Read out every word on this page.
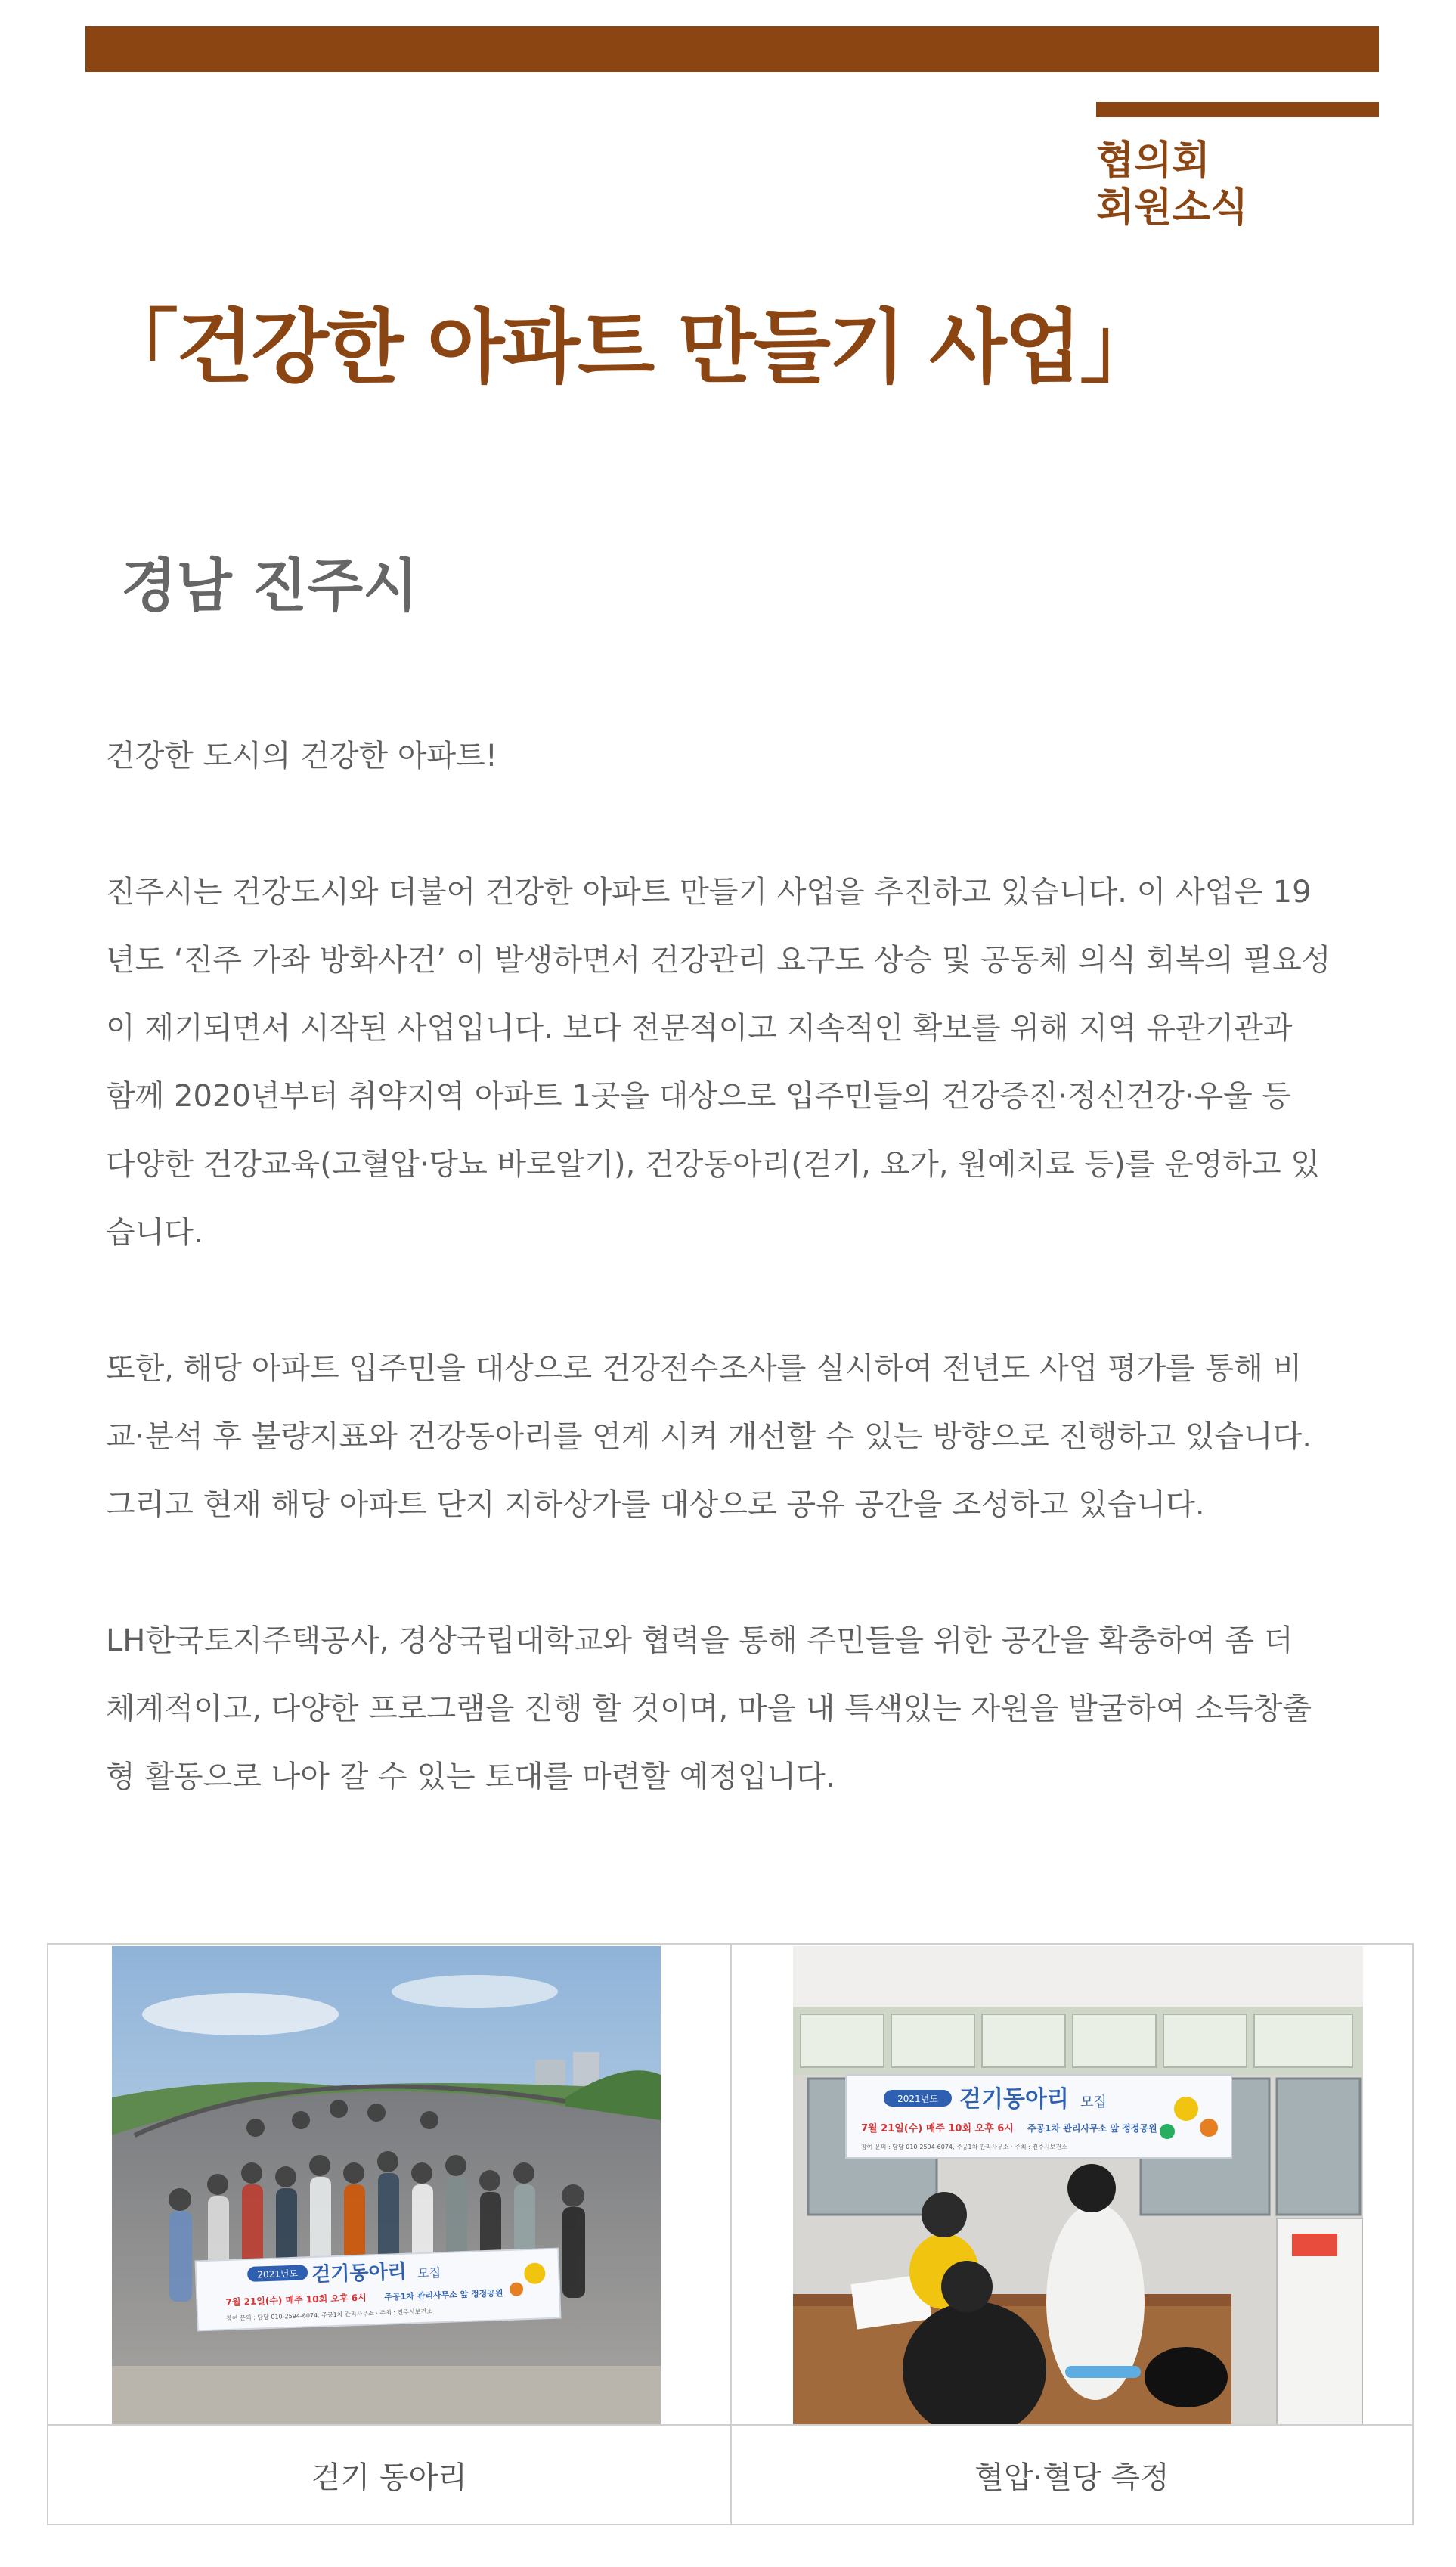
협의회
회원소식
「건강한 아파트 만들기 사업」
경남 진주시

건강한 도시의 건강한 아파트!

진주시는 건강도시와 더불어 건강한 아파트 만들기 사업을 추진하고 있습니다. 이 사업은 19

년도 ‘진주 가좌 방화사건’ 이 발생하면서 건강관리 요구도 상승 및 공동체 의식 회복의 필요성

이 제기되면서 시작된 사업입니다. 보다 전문적이고 지속적인 확보를 위해 지역 유관기관과

함께 2020년부터 취약지역 아파트 1곳을 대상으로 입주민들의 건강증진·정신건강·우울 등

다양한 건강교육(고혈압·당뇨 바로알기), 건강동아리(걷기, 요가, 원예치료 등)를 운영하고 있

습니다.

또한, 해당 아파트 입주민을 대상으로 건강전수조사를 실시하여 전년도 사업 평가를 통해 비

교·분석 후 불량지표와 건강동아리를 연계 시켜 개선할 수 있는 방향으로 진행하고 있습니다.

그리고 현재 해당 아파트 단지 지하상가를 대상으로 공유 공간을 조성하고 있습니다.

LH한국토지주택공사, 경상국립대학교와 협력을 통해 주민들을 위한 공간을 확충하여 좀 더

체계적이고, 다양한 프로그램을 진행 할 것이며, 마을 내 특색있는 자원을 발굴하여 소득창출

형 활동으로 나아 갈 수 있는 토대를 마련할 예정입니다.

2021년도 걷기동아리 모집
7월 21일(수) 매주 10회 오후 6시 주공1차 관리사무소 앞 정정공원
참여 문의 : 담당 010-2594-6074, 주공1차 관리사무소 · 주최 : 진주시보건소
걷기 동아리
2021년도 걷기동아리 모집
7월 21일(수) 매주 10회 오후 6시 주공1차 관리사무소 앞 정정공원
참여 문의 : 담당 010-2594-6074, 주공1차 관리사무소 · 주최 : 진주시보건소
혈압·혈당 측정
